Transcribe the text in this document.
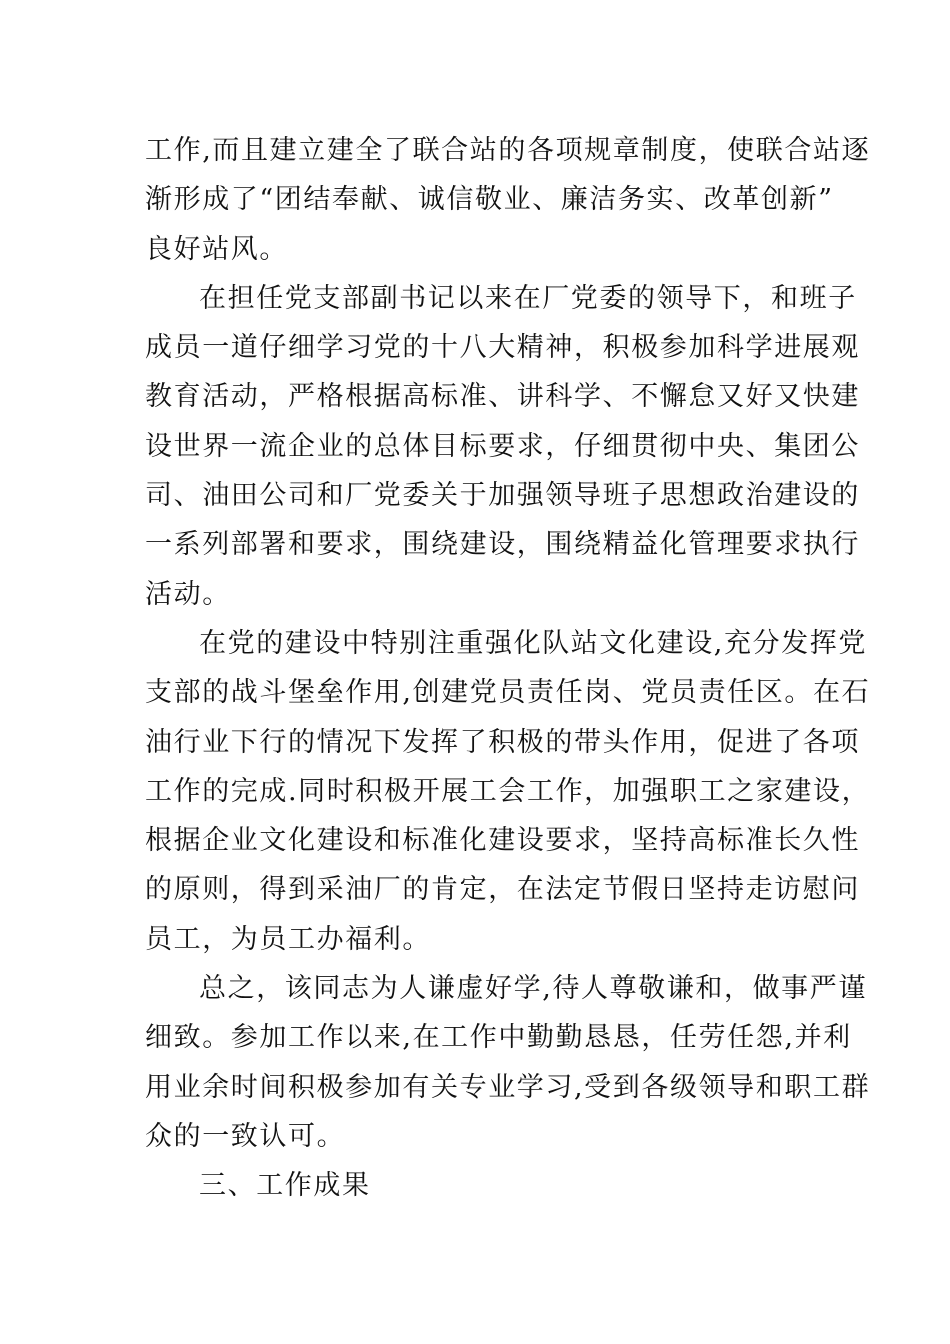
工作,而且建立建全了联合站的各项规章制度，使联合站逐
渐形成了“团结奉献、诚信敬业、廉洁务实、改革创新”
良好站风。
在担任党支部副书记以来在厂党委的领导下，和班子
成员一道仔细学习党的十八大精神，积极参加科学进展观
教育活动，严格根据高标准、讲科学、不懈怠又好又快建
设世界一流企业的总体目标要求，仔细贯彻中央、集团公
司、油田公司和厂党委关于加强领导班子思想政治建设的
一系列部署和要求，围绕建设，围绕精益化管理要求执行
活动。
在党的建设中特别注重强化队站文化建设,充分发挥党
支部的战斗堡垒作用,创建党员责任岗、党员责任区。在石
油行业下行的情况下发挥了积极的带头作用，促进了各项
工作的完成.同时积极开展工会工作，加强职工之家建设，
根据企业文化建设和标准化建设要求，坚持高标准长久性
的原则，得到采油厂的肯定，在法定节假日坚持走访慰问
员工，为员工办福利。
总之，该同志为人谦虚好学,待人尊敬谦和，做事严谨
细致。参加工作以来,在工作中勤勤恳恳，任劳任怨,并利
用业余时间积极参加有关专业学习,受到各级领导和职工群
众的一致认可。
三、工作成果
